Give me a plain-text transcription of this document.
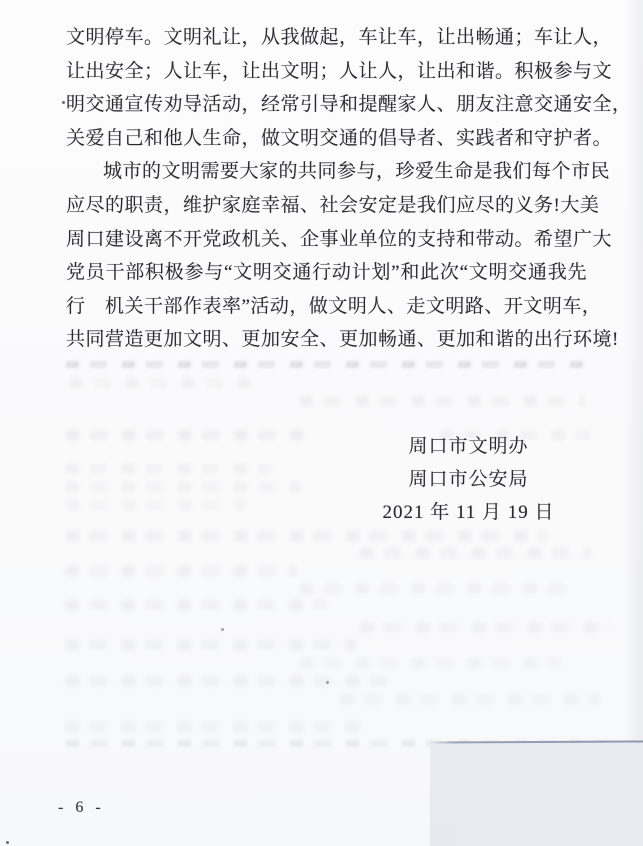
文明停车。文明礼让，从我做起，车让车，让出畅通；车让人，
让出安全；人让车，让出文明；人让人，让出和谐。积极参与文
明交通宣传劝导活动，经常引导和提醒家人、朋友注意交通安全，
关爱自己和他人生命，做文明交通的倡导者、实践者和守护者。
城市的文明需要大家的共同参与，珍爱生命是我们每个市民
应尽的职责，维护家庭幸福、社会安定是我们应尽的义务!大美
周口建设离不开党政机关、企事业单位的支持和带动。希望广大
党员干部积极参与“文明交通行动计划”和此次“文明交通我先
行　机关干部作表率”活动，做文明人、走文明路、开文明车，
共同营造更加文明、更加安全、更加畅通、更加和谐的出行环境!
周口市文明办
周口市公安局
2021 年 11 月 19 日
- 6 -
